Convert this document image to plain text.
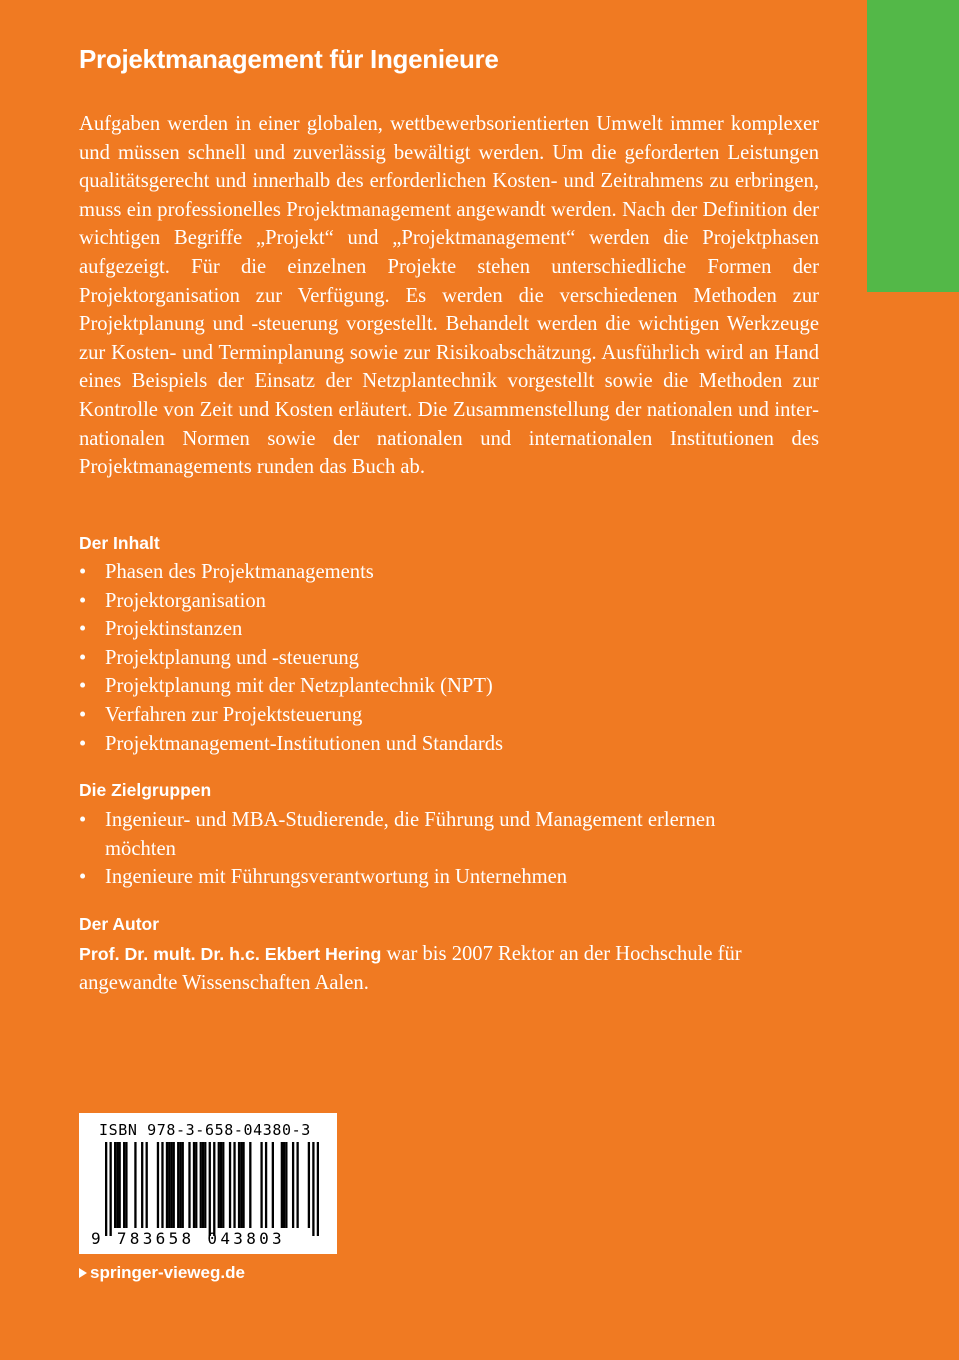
Projektmanagement für Ingenieure

Aufgaben werden in einer globalen, wettbewerbsorientierten Umwelt immer komplexer und müssen schnell und zuverlässig bewältigt werden. Um die geforderten Leistungen qualitätsgerecht und innerhalb des erforderlichen Kosten- und Zeitrahmens zu erbringen, muss ein professionelles Projektmanagement angewandt werden. Nach der Definition der wichtigen Begriffe „Projekt“ und „Projektmanagement“ werden die Projektphasen aufgezeigt. Für die einzelnen Projekte stehen unterschiedliche Formen der Projektorganisation zur Verfügung. Es werden die verschiedenen Methoden zur Projektplanung und -steuerung vorgestellt. Behandelt werden die wichtigen Werkzeuge zur Kosten- und Terminplanung sowie zur Risikoabschätzung. Ausführlich wird an Hand eines Beispiels der Einsatz der Netzplantechnik vorgestellt sowie die Methoden zur Kontrolle von Zeit und Kosten erläutert. Die Zusammenstellung der nationalen und internationalen Normen sowie der nationalen und internationalen Institutionen des Projektmanagements runden das Buch ab.

Der Inhalt
• Phasen des Projektmanagements
• Projektorganisation
• Projektinstanzen
• Projektplanung und -steuerung
• Projektplanung mit der Netzplantechnik (NPT)
• Verfahren zur Projektsteuerung
• Projektmanagement-Institutionen und Standards
Die Zielgruppen
• Ingenieur- und MBA-Studierende, die Führung und Management erlernen möchten
• Ingenieure mit Führungsverantwortung in Unternehmen
Der Autor

Prof. Dr. mult. Dr. h.c. Ekbert Hering war bis 2007 Rektor an der Hochschule für angewandte Wissenschaften Aalen.

ISBN 978-3-658-04380-3
9 783658 043803
springer-vieweg.de
